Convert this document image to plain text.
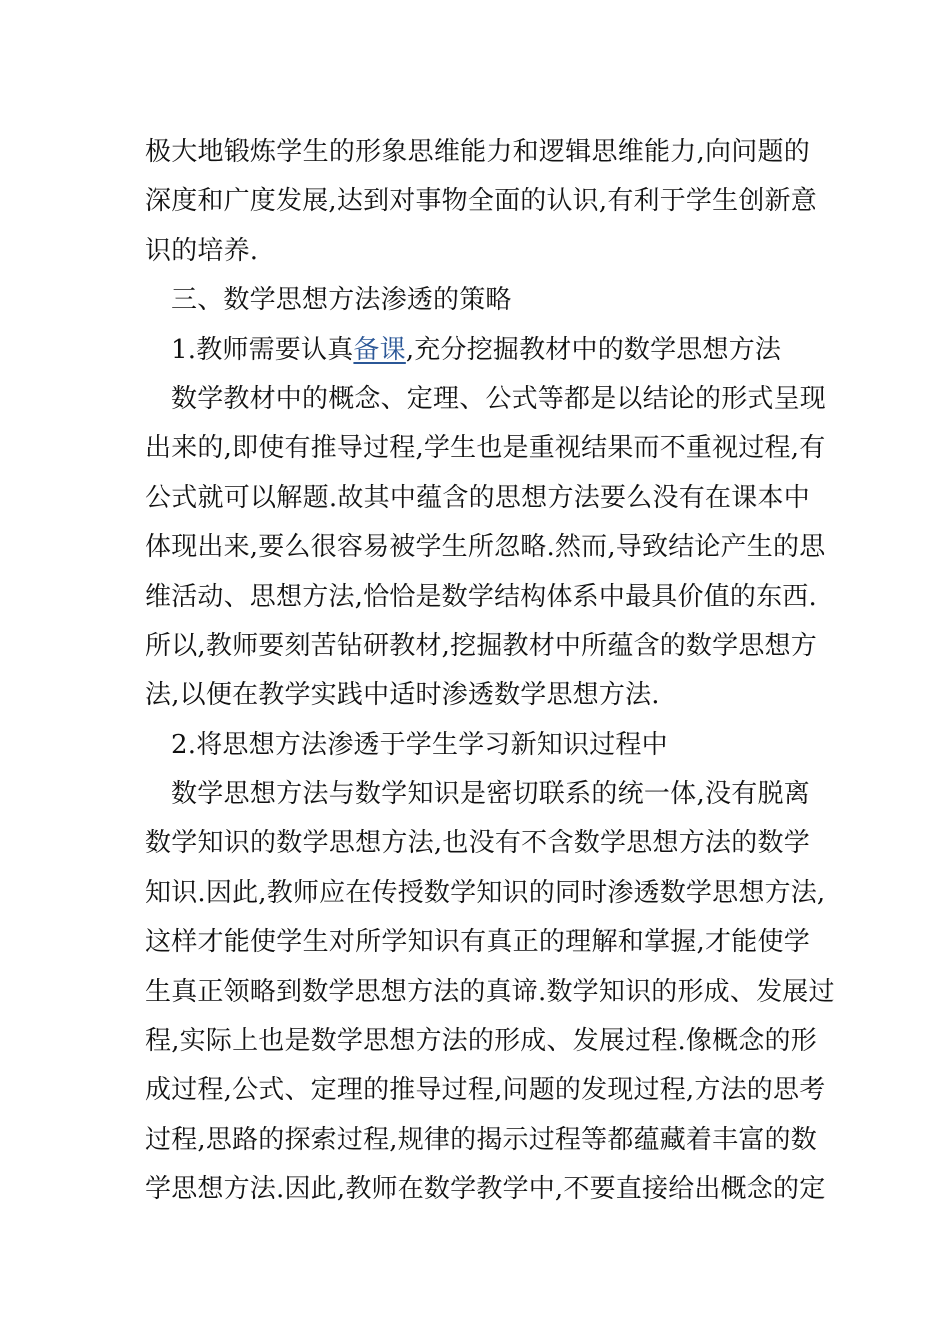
极大地锻炼学生的形象思维能力和逻辑思维能力,向问题的
深度和广度发展,达到对事物全面的认识,有利于学生创新意
识的培养.
三、数学思想方法渗透的策略
1.教师需要认真备课,充分挖掘教材中的数学思想方法
数学教材中的概念、定理、公式等都是以结论的形式呈现
出来的,即使有推导过程,学生也是重视结果而不重视过程,有
公式就可以解题.故其中蕴含的思想方法要么没有在课本中
体现出来,要么很容易被学生所忽略.然而,导致结论产生的思
维活动、思想方法,恰恰是数学结构体系中最具价值的东西.
所以,教师要刻苦钻研教材,挖掘教材中所蕴含的数学思想方
法,以便在教学实践中适时渗透数学思想方法.
2.将思想方法渗透于学生学习新知识过程中
数学思想方法与数学知识是密切联系的统一体,没有脱离
数学知识的数学思想方法,也没有不含数学思想方法的数学
知识.因此,教师应在传授数学知识的同时渗透数学思想方法,
这样才能使学生对所学知识有真正的理解和掌握,才能使学
生真正领略到数学思想方法的真谛.数学知识的形成、发展过
程,实际上也是数学思想方法的形成、发展过程.像概念的形
成过程,公式、定理的推导过程,问题的发现过程,方法的思考
过程,思路的探索过程,规律的揭示过程等都蕴藏着丰富的数
学思想方法.因此,教师在数学教学中,不要直接给出概念的定
